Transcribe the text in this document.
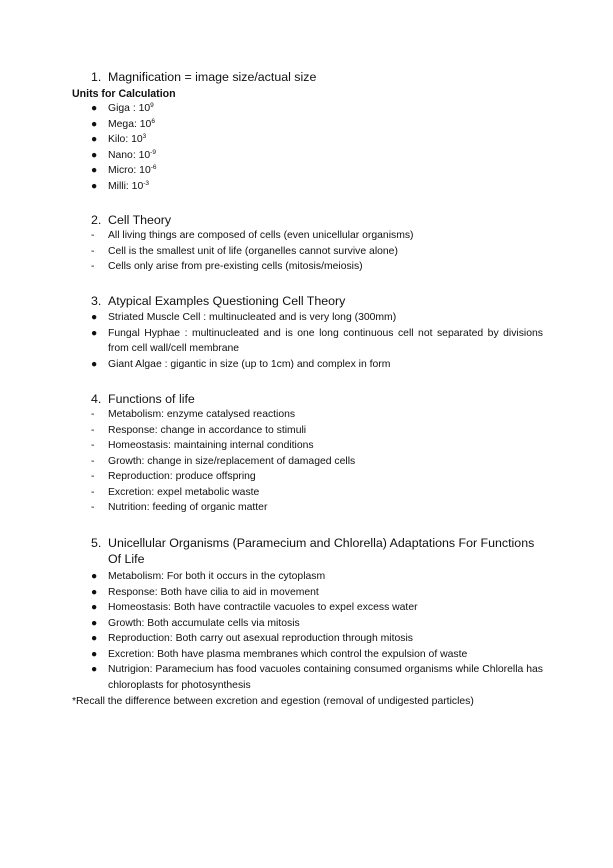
1. Magnification = image size/actual size
Units for Calculation
●	Giga : $10^9$
●	Mega: $10^6$
●	Kilo: $10^3$
●	Nano: $10^{-9}$
●	Micro: $10^{-6}$
●	Milli: $10^{-3}$
2. Cell Theory
-	All living things are composed of cells (even unicellular organisms)
-	Cell is the smallest unit of life (organelles cannot survive alone)
-	Cells only arise from pre-existing cells (mitosis/meiosis)
3. Atypical Examples Questioning Cell Theory
●	Striated Muscle Cell : multinucleated and is very long (300mm)
●	Fungal Hyphae : multinucleated and is one long continuous cell not separated by divisions from cell wall/cell membrane
●	Giant Algae : gigantic in size (up to 1cm) and complex in form
4. Functions of life
-	Metabolism: enzyme catalysed reactions
-	Response: change in accordance to stimuli
-	Homeostasis: maintaining internal conditions
-	Growth: change in size/replacement of damaged cells
-	Reproduction: produce offspring
-	Excretion: expel metabolic waste
-	Nutrition: feeding of organic matter
5. Unicellular Organisms (Paramecium and Chlorella) Adaptations For Functions Of Life
●	Metabolism: For both it occurs in the cytoplasm
●	Response: Both have cilia to aid in movement
●	Homeostasis: Both have contractile vacuoles to expel excess water
●	Growth: Both accumulate cells via mitosis
●	Reproduction: Both carry out asexual reproduction through mitosis
●	Excretion: Both have plasma membranes which control the expulsion of waste
●	Nutrigion: Paramecium has food vacuoles containing consumed organisms while Chlorella has chloroplasts for photosynthesis
*Recall the difference between excretion and egestion (removal of undigested particles)
